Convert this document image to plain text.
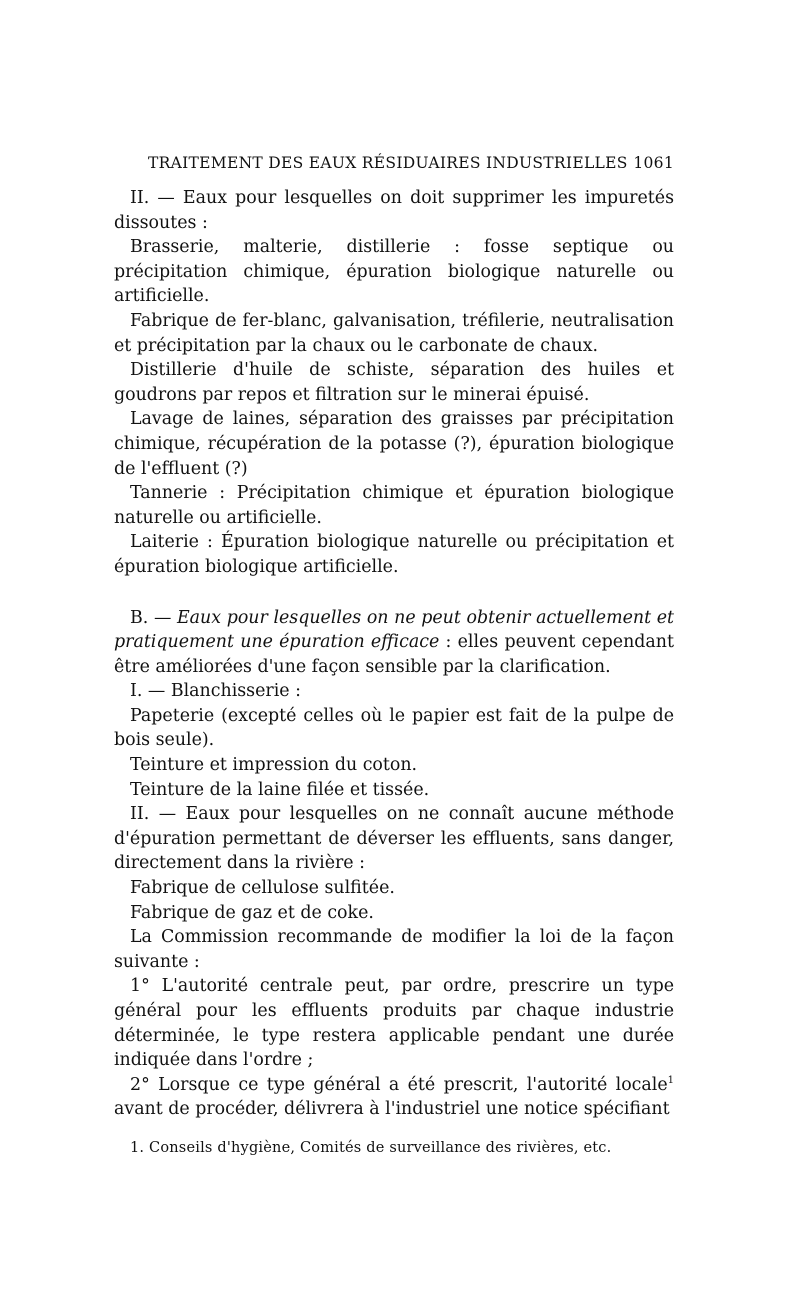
TRAITEMENT DES EAUX RÉSIDUAIRES INDUSTRIELLES 1061

II. — Eaux pour lesquelles on doit supprimer les impuretés dissoutes :

Brasserie, malterie, distillerie : fosse septique ou précipitation chimique, épuration biologique naturelle ou artificielle.

Fabrique de fer-blanc, galvanisation, tréfilerie, neutralisation et précipitation par la chaux ou le carbonate de chaux.

Distillerie d'huile de schiste, séparation des huiles et goudrons par repos et filtration sur le minerai épuisé.

Lavage de laines, séparation des graisses par précipitation chimique, récupération de la potasse (?), épuration biologique de l'effluent (?)

Tannerie : Précipitation chimique et épuration biologique naturelle ou artificielle.

Laiterie : Épuration biologique naturelle ou précipitation et épuration biologique artificielle.

B. — Eaux pour lesquelles on ne peut obtenir actuellement et pratiquement une épuration efficace : elles peuvent cependant être améliorées d'une façon sensible par la clarification.

I. — Blanchisserie :

Papeterie (excepté celles où le papier est fait de la pulpe de bois seule).

Teinture et impression du coton.

Teinture de la laine filée et tissée.

II. — Eaux pour lesquelles on ne connaît aucune méthode d'épuration permettant de déverser les effluents, sans danger, directement dans la rivière :

Fabrique de cellulose sulfitée.

Fabrique de gaz et de coke.

La Commission recommande de modifier la loi de la façon suivante :

1° L'autorité centrale peut, par ordre, prescrire un type général pour les effluents produits par chaque industrie déterminée, le type restera applicable pendant une durée indiquée dans l'ordre ;

2° Lorsque ce type général a été prescrit, l'autorité locale$^1$ avant de procéder, délivrera à l'industriel une notice spécifiant

1. Conseils d'hygiène, Comités de surveillance des rivières, etc.
